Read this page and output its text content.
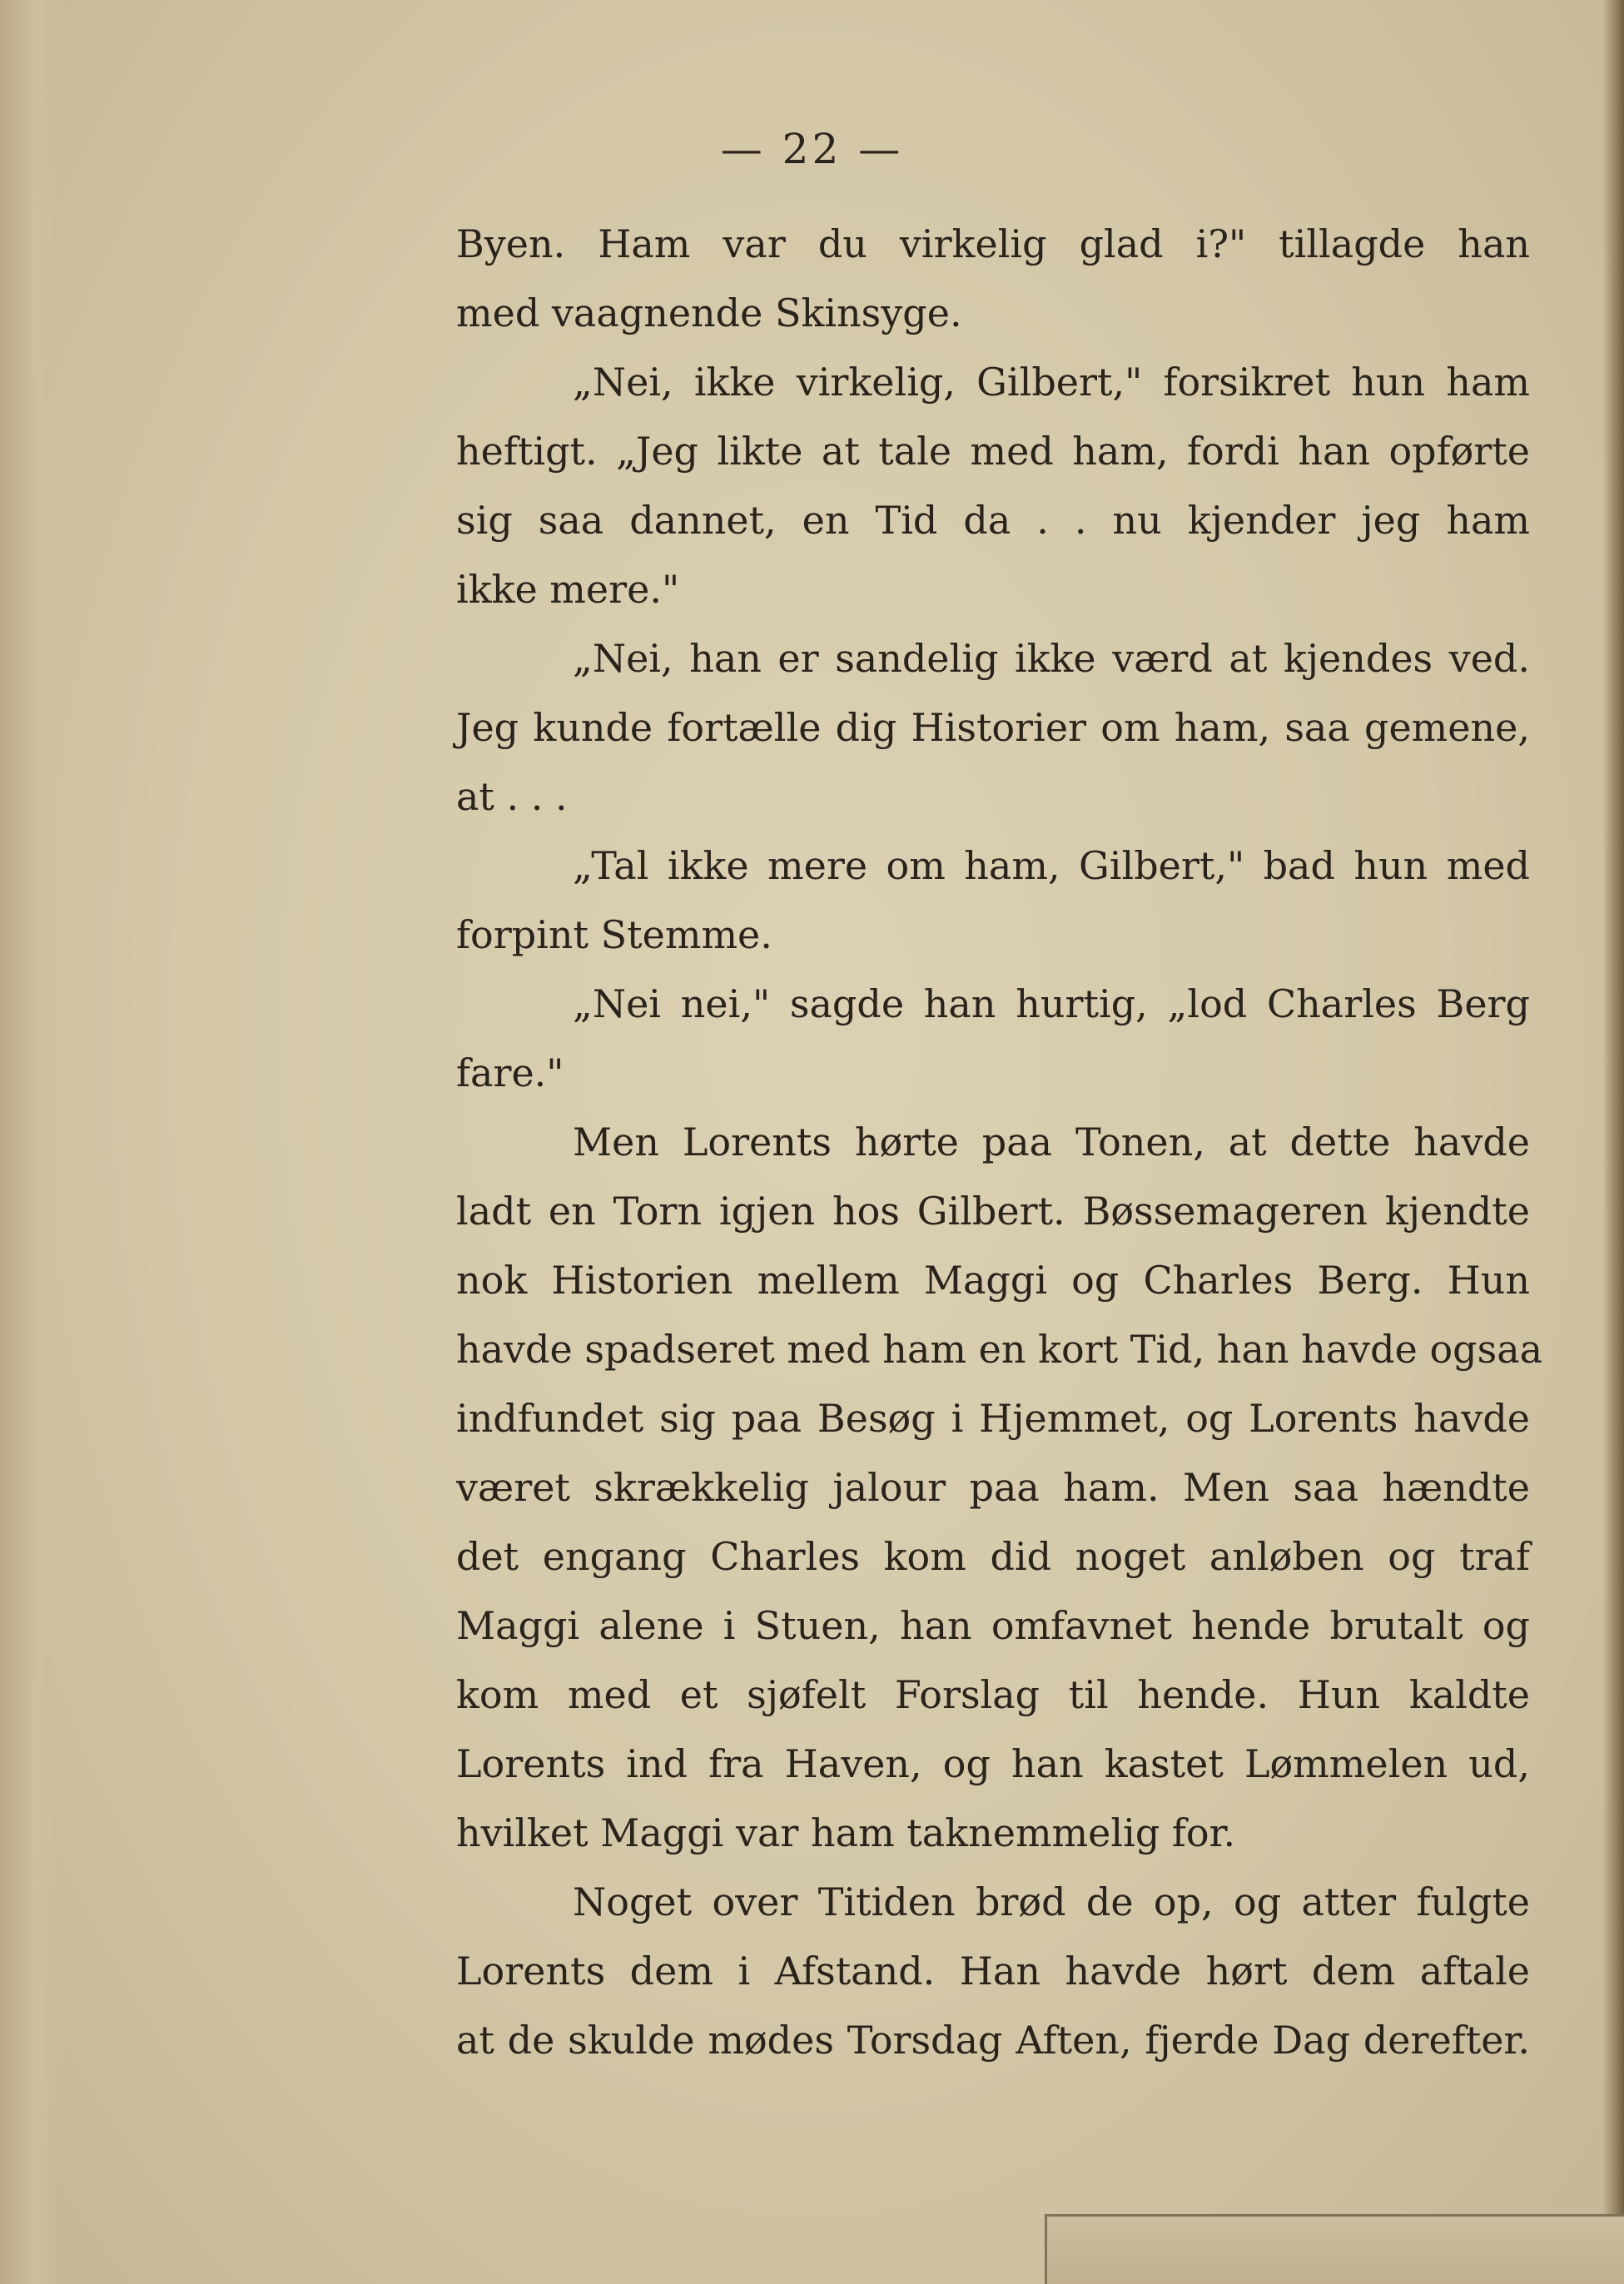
— 22 —
Byen. Ham var du virkelig glad i?" tillagde han
med vaagnende Skinsyge.
„Nei, ikke virkelig, Gilbert," forsikret hun ham
heftigt. „Jeg likte at tale med ham, fordi han opførte
sig saa dannet, en Tid da . . nu kjender jeg ham
ikke mere."
„Nei, han er sandelig ikke værd at kjendes ved.
Jeg kunde fortælle dig Historier om ham, saa gemene,
at . . .
„Tal ikke mere om ham, Gilbert," bad hun med
forpint Stemme.
„Nei nei," sagde han hurtig, „lod Charles Berg
fare."
Men Lorents hørte paa Tonen, at dette havde
ladt en Torn igjen hos Gilbert. Bøssemageren kjendte
nok Historien mellem Maggi og Charles Berg. Hun
havde spadseret med ham en kort Tid, han havde ogsaa
indfundet sig paa Besøg i Hjemmet, og Lorents havde
været skrækkelig jalour paa ham. Men saa hændte
det engang Charles kom did noget anløben og traf
Maggi alene i Stuen, han omfavnet hende brutalt og
kom med et sjøfelt Forslag til hende. Hun kaldte
Lorents ind fra Haven, og han kastet Lømmelen ud,
hvilket Maggi var ham taknemmelig for.
Noget over Titiden brød de op, og atter fulgte
Lorents dem i Afstand. Han havde hørt dem aftale
at de skulde mødes Torsdag Aften, fjerde Dag derefter.
